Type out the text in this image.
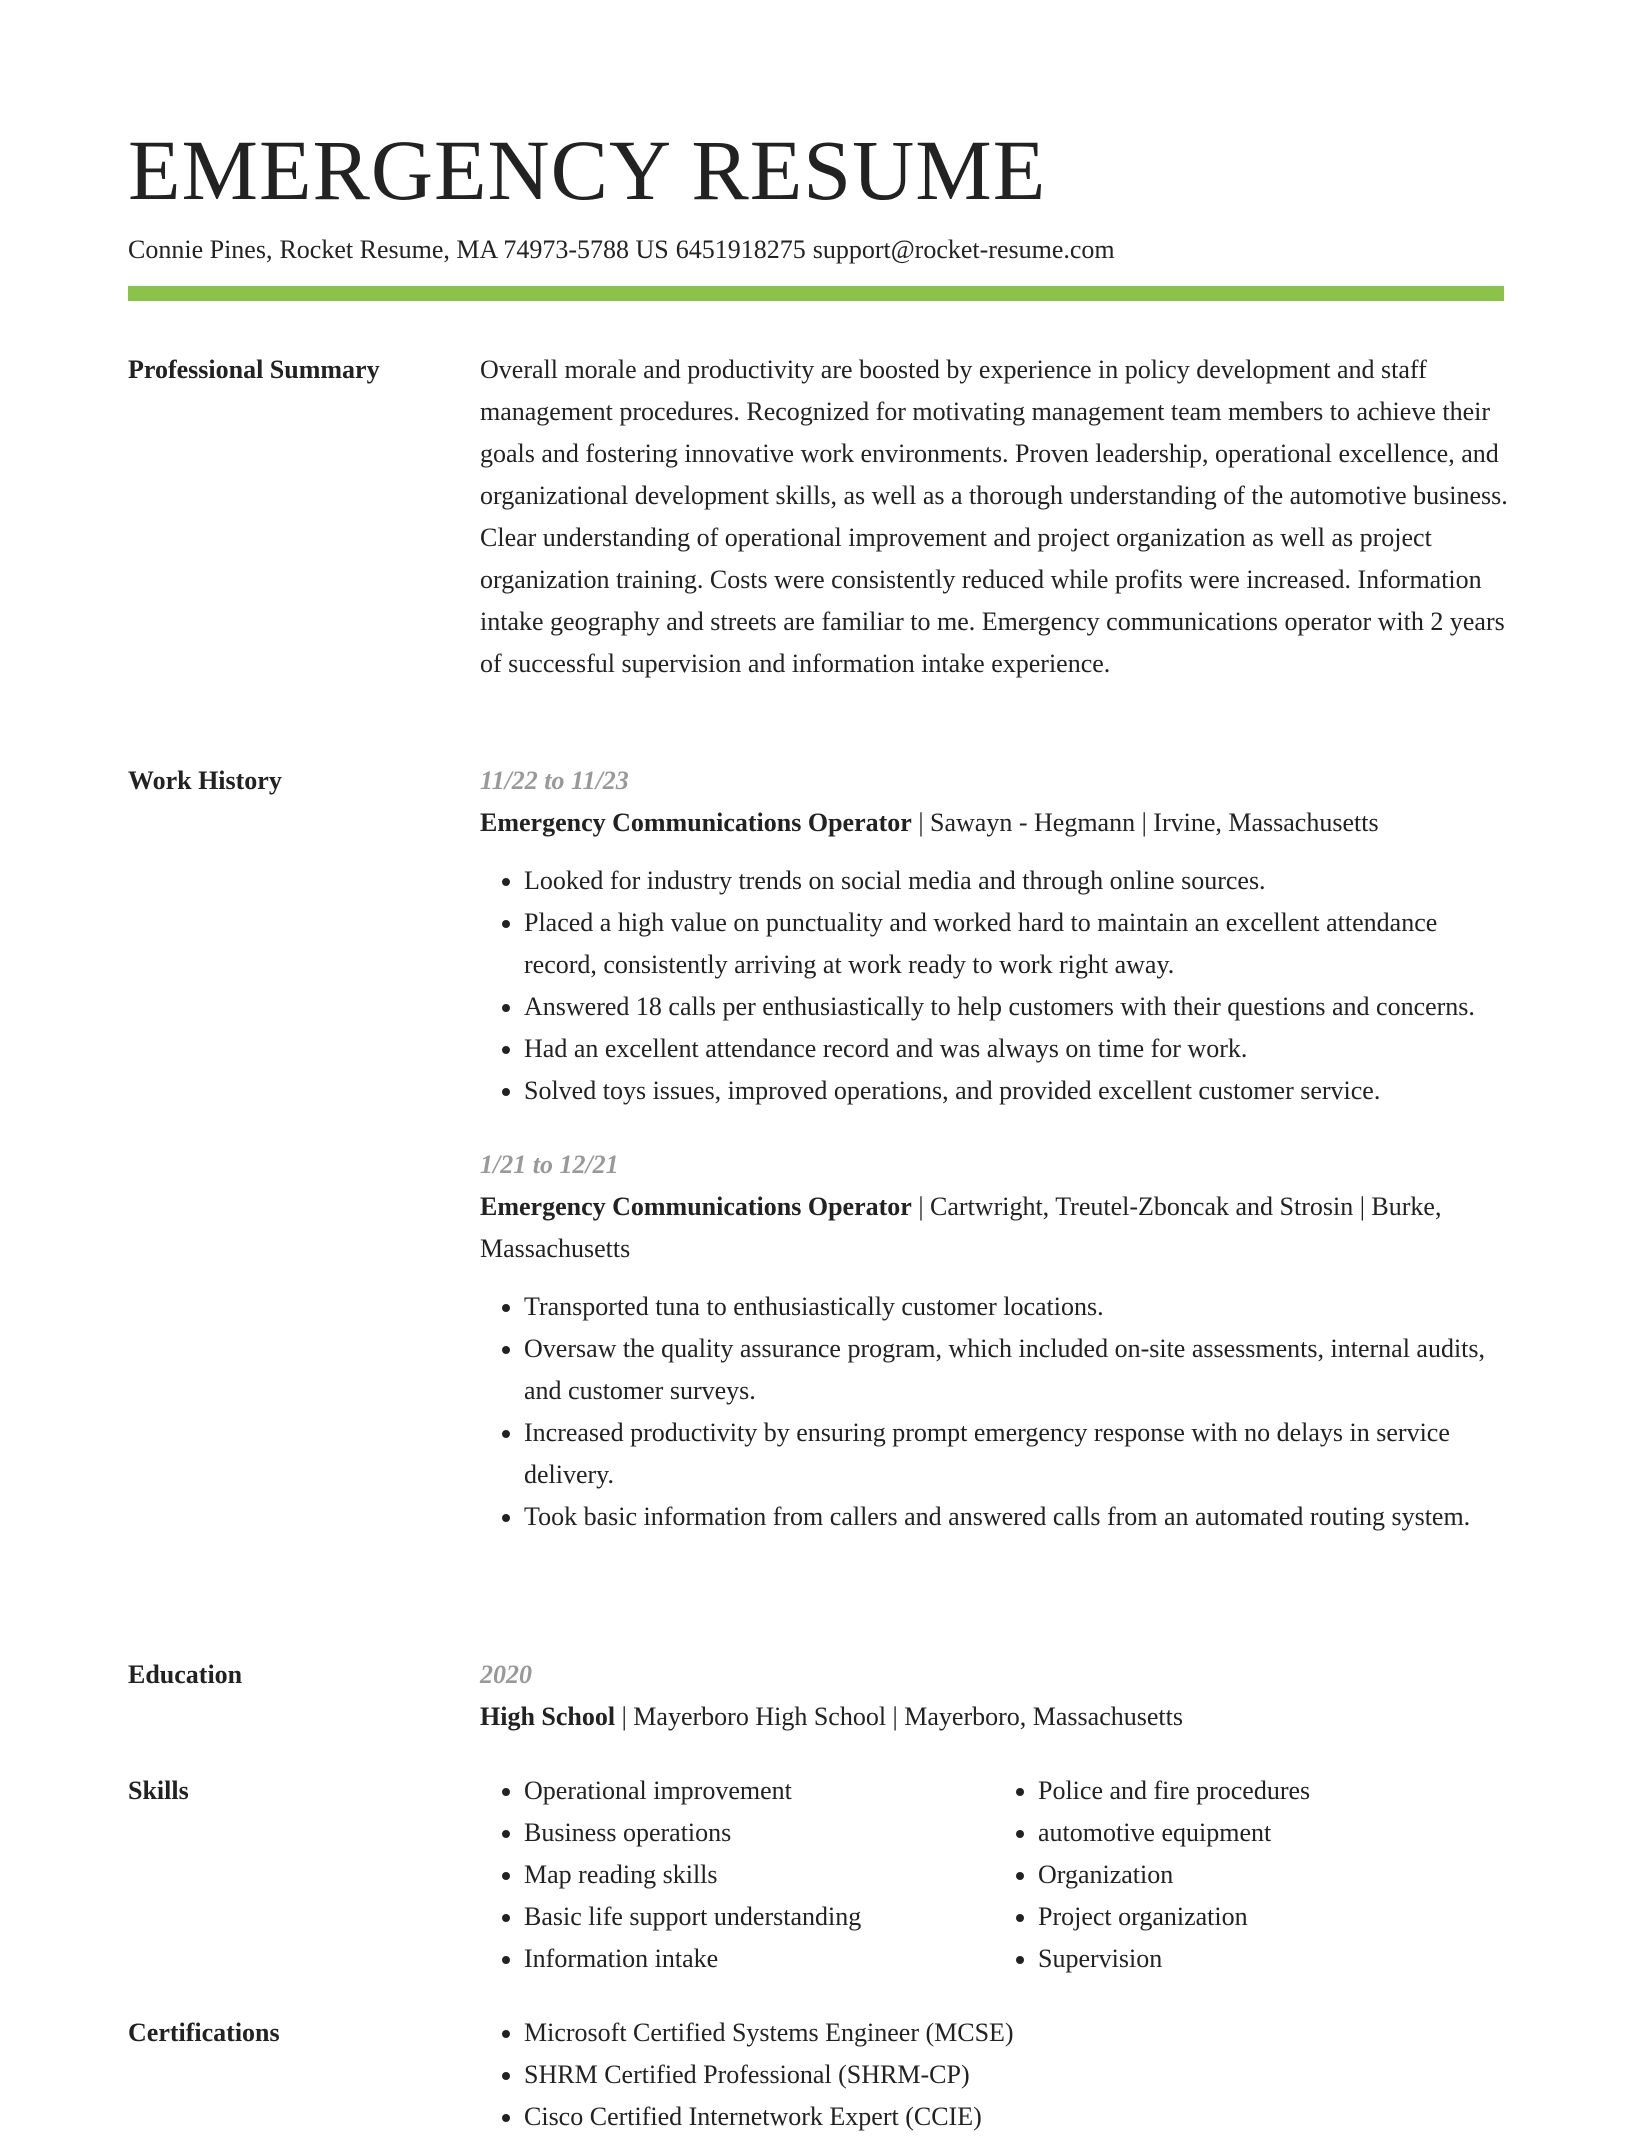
EMERGENCY RESUME
Connie Pines, Rocket Resume, MA 74973-5788 US 6451918275 support@rocket-resume.com
Professional Summary	Overall morale and productivity are boosted by experience in policy development and staff management procedures. Recognized for motivating management team members to achieve their goals and fostering innovative work environments. Proven leadership, operational excellence, and organizational development skills, as well as a thorough understanding of the automotive business. Clear understanding of operational improvement and project organization as well as project organization training. Costs were consistently reduced while profits were increased. Information intake geography and streets are familiar to me. Emergency communications operator with 2 years of successful supervision and information intake experience.

Work History	11/22 to 11/23
Emergency Communications Operator | Sawayn - Hegmann | Irvine, Massachusetts
• Looked for industry trends on social media and through online sources.
• Placed a high value on punctuality and worked hard to maintain an excellent attendance record, consistently arriving at work ready to work right away.
• Answered 18 calls per enthusiastically to help customers with their questions and concerns.
• Had an excellent attendance record and was always on time for work.
• Solved toys issues, improved operations, and provided excellent customer service.
1/21 to 12/21
Emergency Communications Operator | Cartwright, Treutel-Zboncak and Strosin | Burke, Massachusetts
• Transported tuna to enthusiastically customer locations.
• Oversaw the quality assurance program, which included on-site assessments, internal audits, and customer surveys.
• Increased productivity by ensuring prompt emergency response with no delays in service delivery.
• Took basic information from callers and answered calls from an automated routing system.
Education	2020
High School | Mayerboro High School | Mayerboro, Massachusetts
Skills	• Operational improvement
• Business operations
• Map reading skills
• Basic life support understanding
• Information intake
• Police and fire procedures
• automotive equipment
• Organization
• Project organization
• Supervision
Certifications	• Microsoft Certified Systems Engineer (MCSE)
• SHRM Certified Professional (SHRM-CP)
• Cisco Certified Internetwork Expert (CCIE)
